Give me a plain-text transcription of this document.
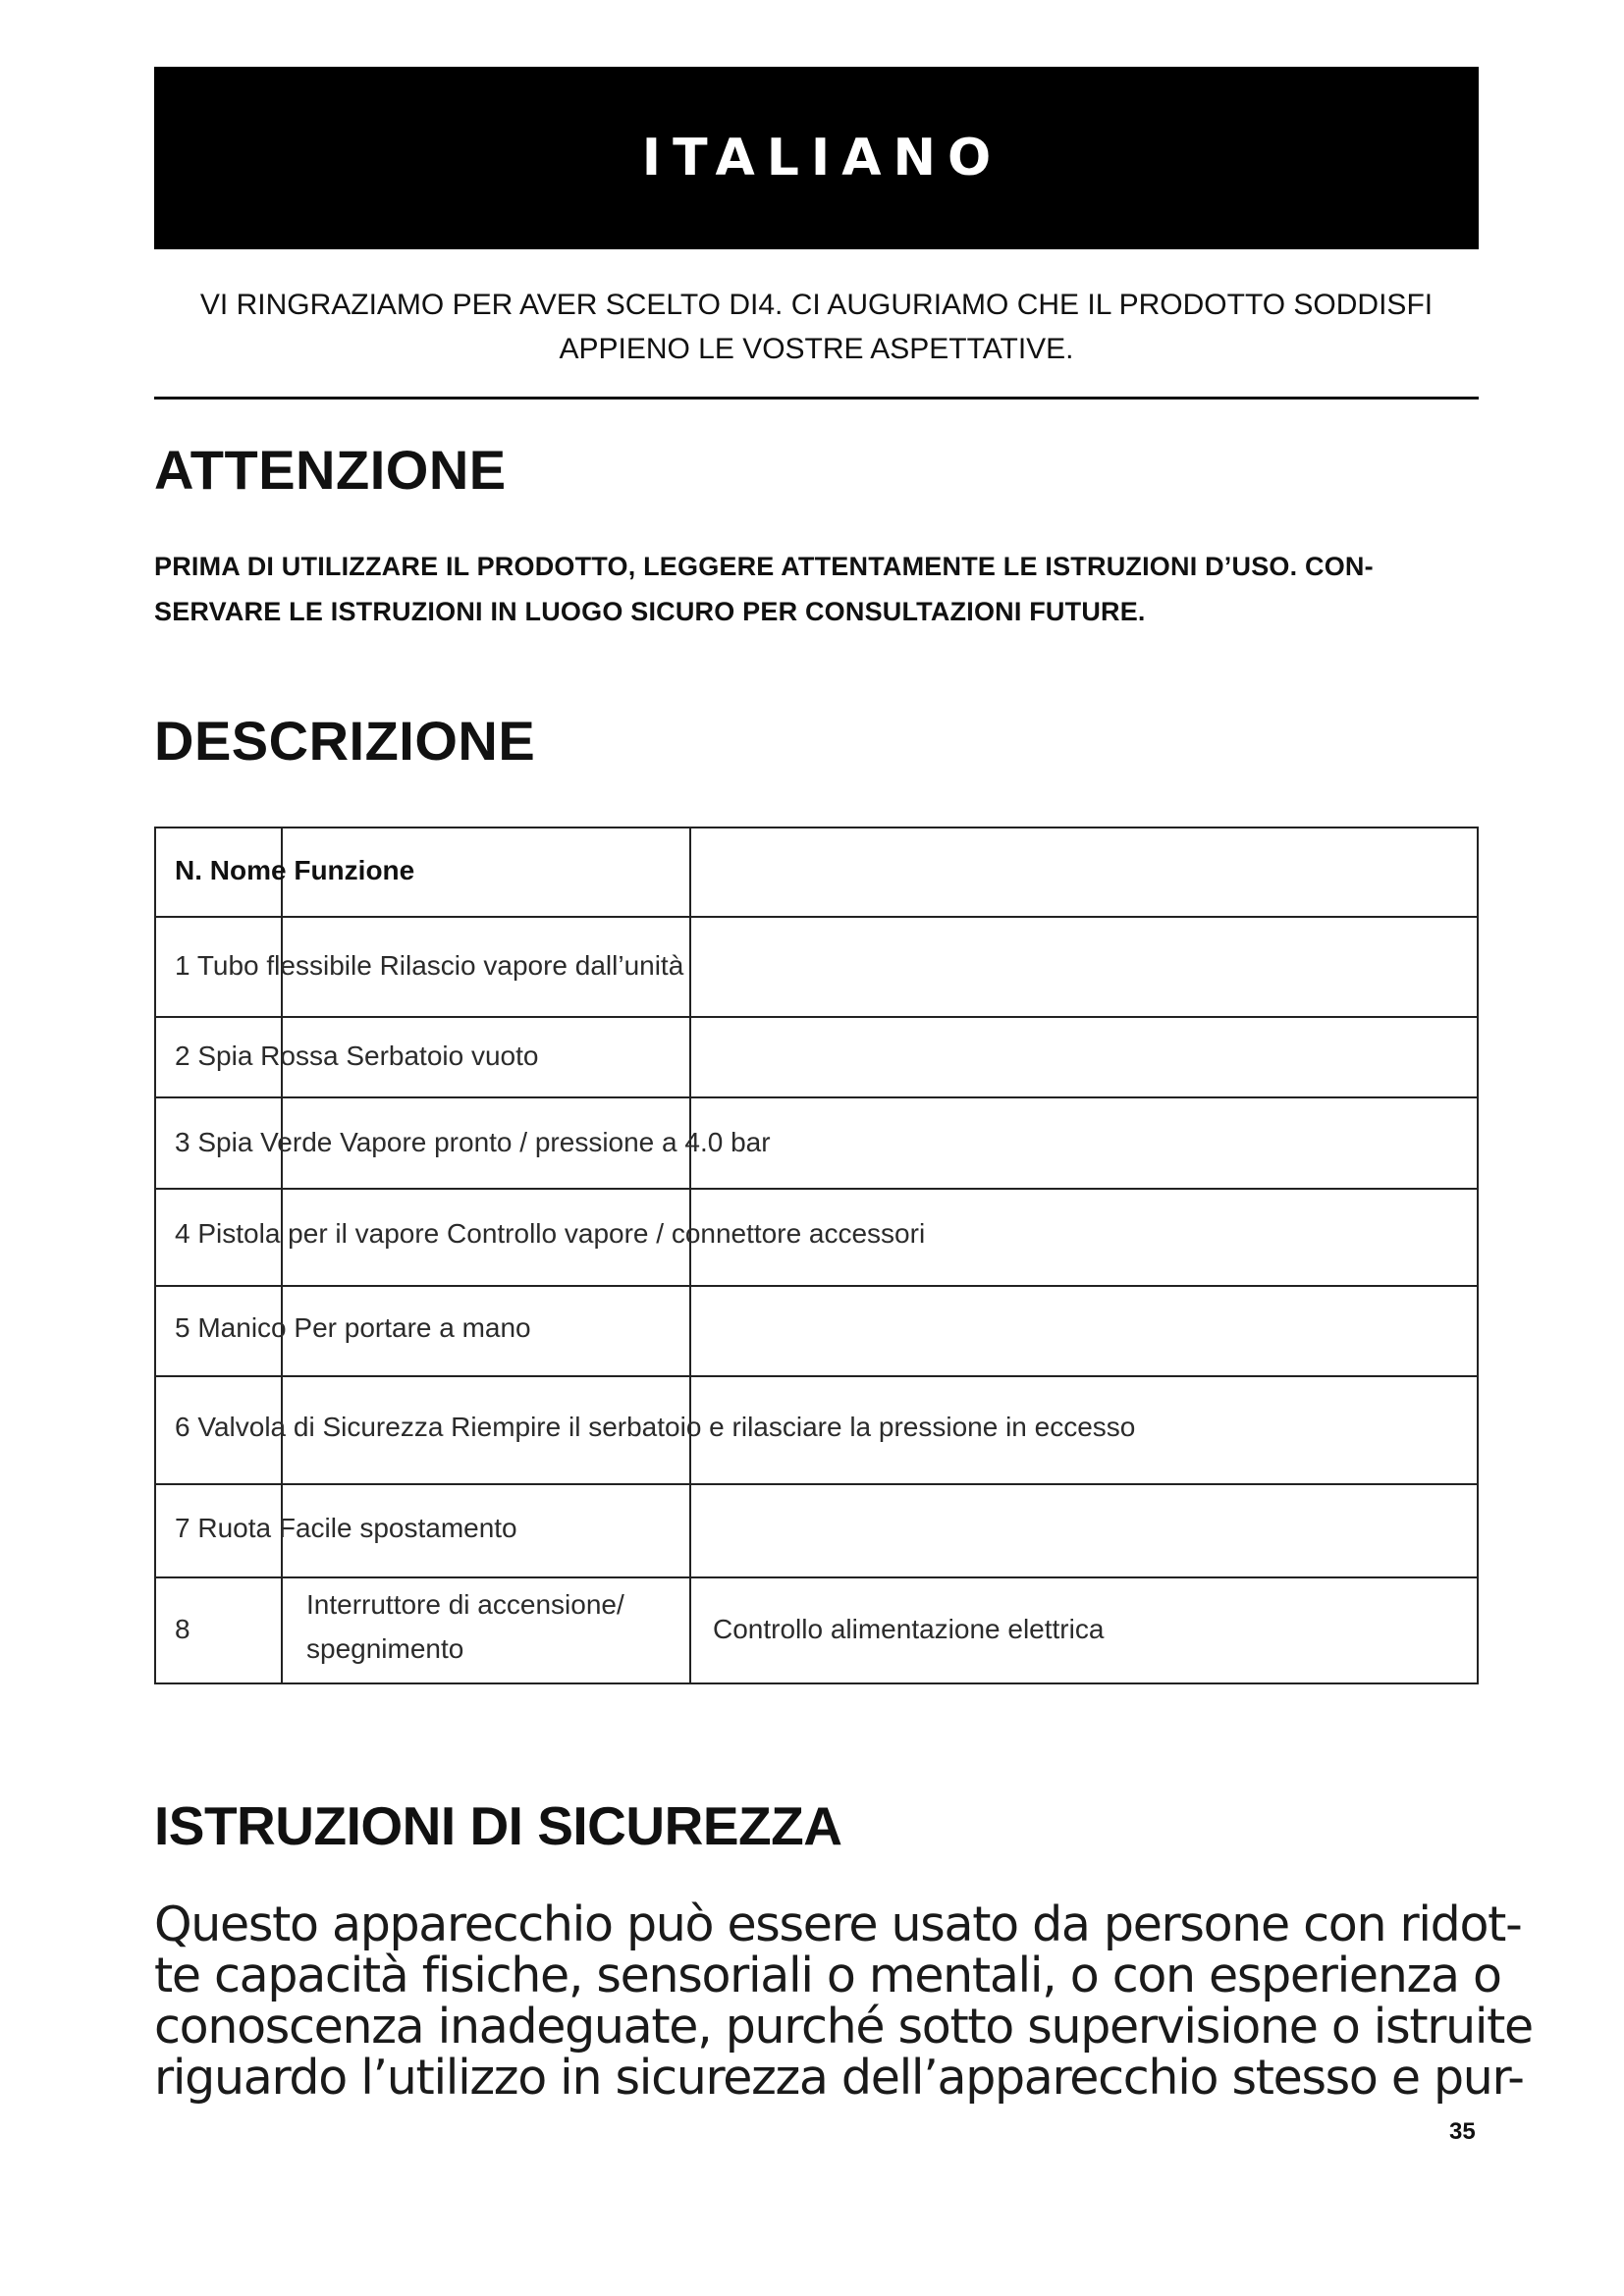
ITALIANO
VI RINGRAZIAMO PER AVER SCELTO DI4. CI AUGURIAMO CHE IL PRODOTTO SODDISFI
APPIENO LE VOSTRE ASPETTATIVE.
ATTENZIONE
PRIMA DI UTILIZZARE IL PRODOTTO, LEGGERE ATTENTAMENTE LE ISTRUZIONI D’USO. CON-
SERVARE LE ISTRUZIONI IN LUOGO SICURO PER CONSULTAZIONI FUTURE.
DESCRIZIONE
N. Nome Funzione
1 Tubo flessibile Rilascio vapore dall’unità
2 Spia Rossa Serbatoio vuoto
3 Spia Verde Vapore pronto / pressione a 4.0 bar
4 Pistola per il vapore Controllo vapore / connettore accessori
5 Manico Per portare a mano
6 Valvola di Sicurezza Riempire il serbatoio e rilasciare la pressione in eccesso
7 Ruota Facile spostamento
8
Interruttore di accensione/
spegnimento
Controllo alimentazione elettrica
ISTRUZIONI DI SICUREZZA

Questo apparecchio può essere usato da persone con ridot-
te capacità fisiche, sensoriali o mentali, o con esperienza o
conoscenza inadeguate, purché sotto supervisione o istruite
riguardo l’utilizzo in sicurezza dell’apparecchio stesso e pur-

35
